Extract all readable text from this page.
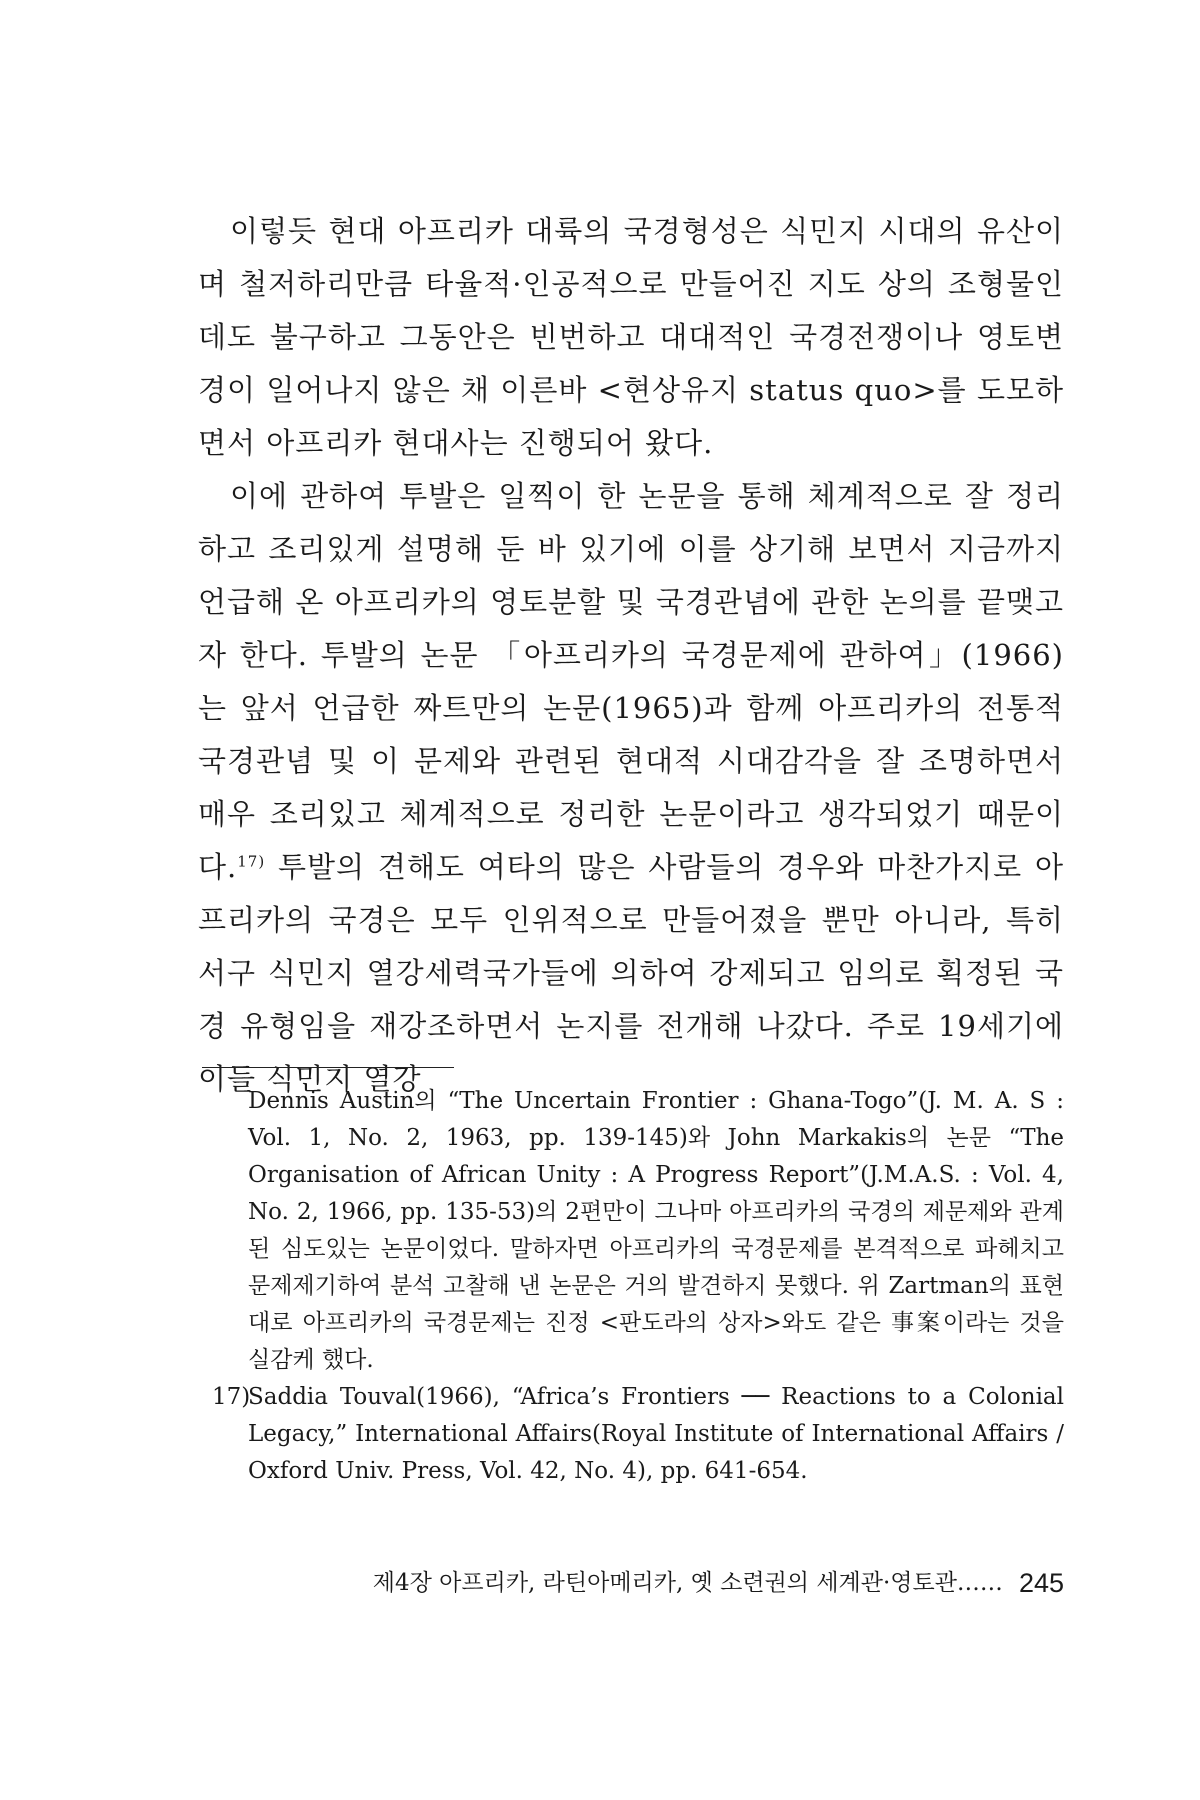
이렇듯 현대 아프리카 대륙의 국경형성은 식민지 시대의 유산이며 철저하리만큼 타율적·인공적으로 만들어진 지도 상의 조형물인데도 불구하고 그동안은 빈번하고 대대적인 국경전쟁이나 영토변경이 일어나지 않은 채 이른바 <현상유지 status quo>를 도모하면서 아프리카 현대사는 진행되어 왔다.

이에 관하여 투발은 일찍이 한 논문을 통해 체계적으로 잘 정리하고 조리있게 설명해 둔 바 있기에 이를 상기해 보면서 지금까지 언급해 온 아프리카의 영토분할 및 국경관념에 관한 논의를 끝맺고자 한다. 투발의 논문 「아프리카의 국경문제에 관하여」(1966)는 앞서 언급한 짜트만의 논문(1965)과 함께 아프리카의 전통적 국경관념 및 이 문제와 관련된 현대적 시대감각을 잘 조명하면서 매우 조리있고 체계적으로 정리한 논문이라고 생각되었기 때문이다.$^{17)}$ 투발의 견해도 여타의 많은 사람들의 경우와 마찬가지로 아프리카의 국경은 모두 인위적으로 만들어졌을 뿐만 아니라, 특히 서구 식민지 열강세력국가들에 의하여 강제되고 임의로 획정된 국경 유형임을 재강조하면서 논지를 전개해 나갔다. 주로 19세기에 이들 식민지 열강

Dennis Austin의 “The Uncertain Frontier : Ghana-Togo”(J. M. A. S : Vol. 1, No. 2, 1963, pp. 139-145)와 John Markakis의 논문 “The Organisation of African Unity : A Progress Report”(J.M.A.S. : Vol. 4, No. 2, 1966, pp. 135-53)의 2편만이 그나마 아프리카의 국경의 제문제와 관계된 심도있는 논문이었다. 말하자면 아프리카의 국경문제를 본격적으로 파헤치고 문제제기하여 분석 고찰해 낸 논문은 거의 발견하지 못했다. 위 Zartman의 표현대로 아프리카의 국경문제는 진정 <판도라의 상자>와도 같은 事案이라는 것을 실감케 했다.

17)
Saddia Touval(1966), “Africa’s Frontiers ── Reactions to a Colonial Legacy,” International Affairs(Royal Institute of International Affairs / Oxford Univ. Press, Vol. 42, No. 4), pp. 641-654.
제4장 아프리카, 라틴아메리카, 옛 소련권의 세계관·영토관…… 245
